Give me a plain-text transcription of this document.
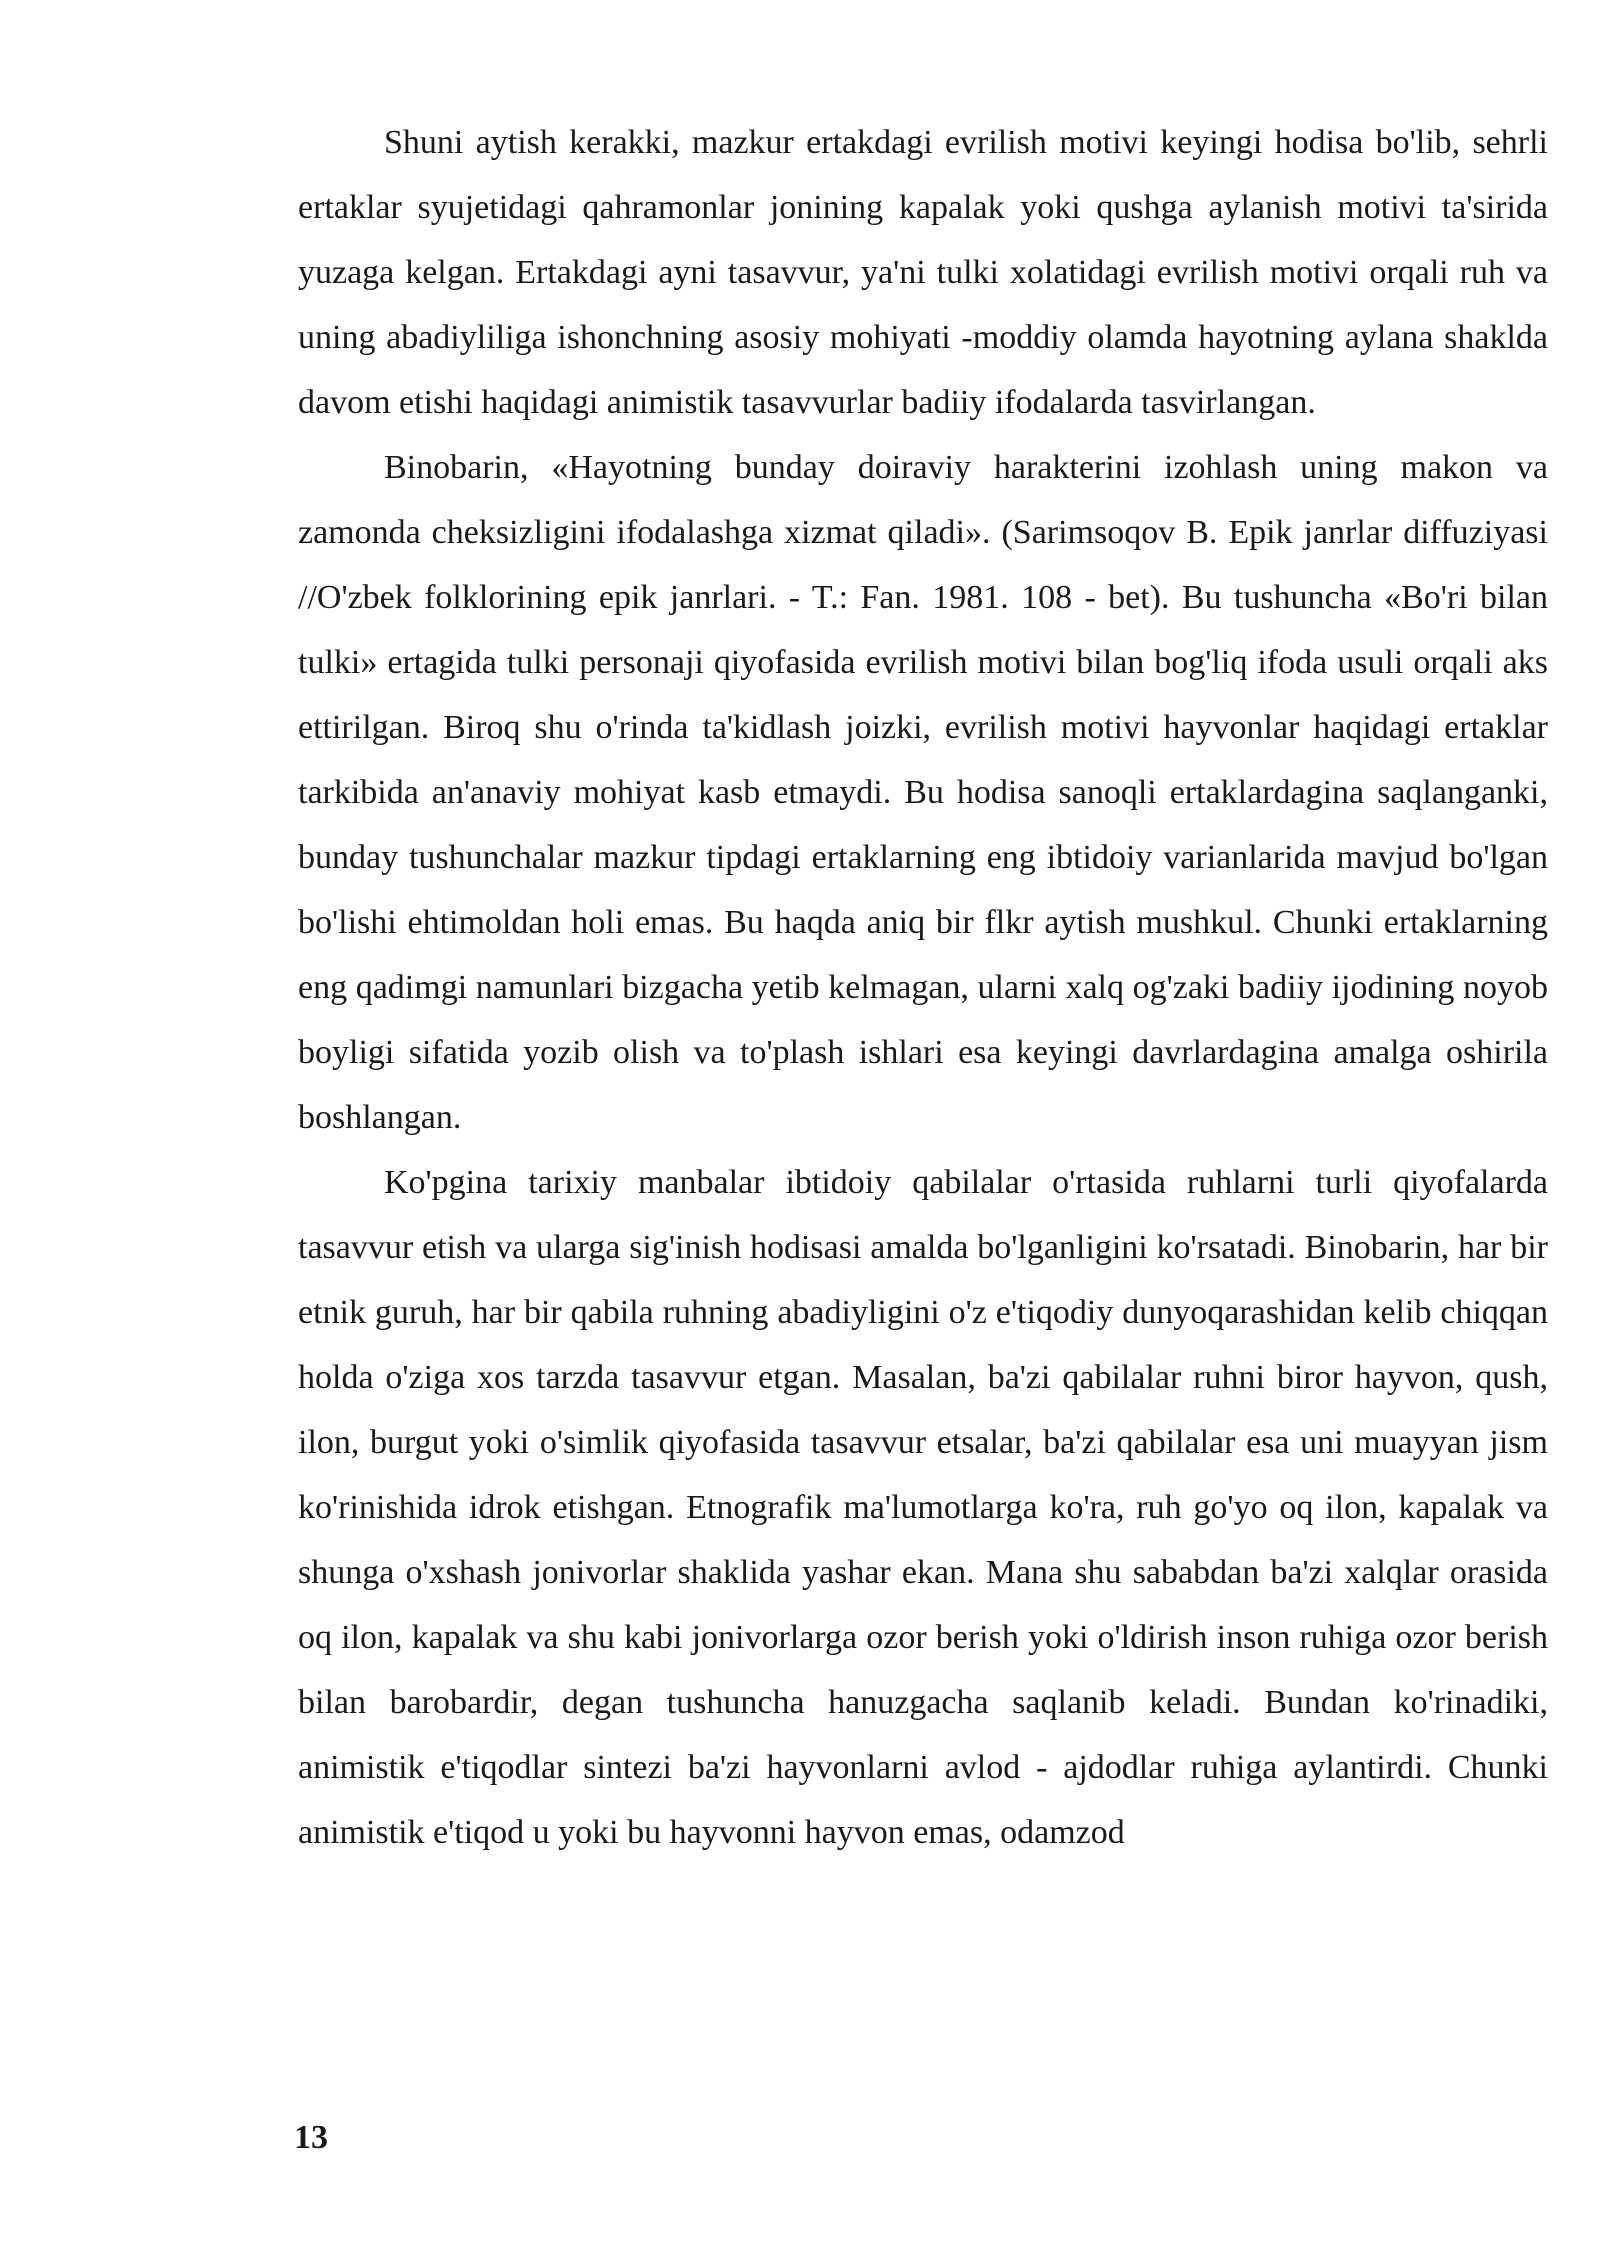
Shuni aytish kerakki, mazkur ertakdagi evrilish motivi keyingi hodisa bo'lib, sehrli ertaklar syujetidagi qahramonlar jonining kapalak yoki qushga aylanish motivi ta'sirida yuzaga kelgan. Ertakdagi ayni tasavvur, ya'ni tulki xolatidagi evrilish motivi orqali ruh va uning abadiyliliga ishonchning asosiy mohiyati -moddiy olamda hayotning aylana shaklda davom etishi haqidagi animistik tasavvurlar badiiy ifodalarda tasvirlangan.

Binobarin, «Hayotning bunday doiraviy harakterini izohlash uning makon va zamonda cheksizligini ifodalashga xizmat qiladi». (Sarimsoqov B. Epik janrlar diffuziyasi //O'zbek folklorining epik janrlari. - T.: Fan. 1981. 108 - bet). Bu tushuncha «Bo'ri bilan tulki» ertagida tulki personaji qiyofasida evrilish motivi bilan bog'liq ifoda usuli orqali aks ettirilgan. Biroq shu o'rinda ta'kidlash joizki, evrilish motivi hayvonlar haqidagi ertaklar tarkibida an'anaviy mohiyat kasb etmaydi. Bu hodisa sanoqli ertaklardagina saqlanganki, bunday tushunchalar mazkur tipdagi ertaklarning eng ibtidoiy varianlarida mavjud bo'lgan bo'lishi ehtimoldan holi emas. Bu haqda aniq bir flkr aytish mushkul. Chunki ertaklarning eng qadimgi namunlari bizgacha yetib kelmagan, ularni xalq og'zaki badiiy ijodining noyob boyligi sifatida yozib olish va to'plash ishlari esa keyingi davrlardagina amalga oshirila boshlangan.

Ko'pgina tarixiy manbalar ibtidoiy qabilalar o'rtasida ruhlarni turli qiyofalarda tasavvur etish va ularga sig'inish hodisasi amalda bo'lganligini ko'rsatadi. Binobarin, har bir etnik guruh, har bir qabila ruhning abadiyligini o'z e'tiqodiy dunyoqarashidan kelib chiqqan holda o'ziga xos tarzda tasavvur etgan. Masalan, ba'zi qabilalar ruhni biror hayvon, qush, ilon, burgut yoki o'simlik qiyofasida tasavvur etsalar, ba'zi qabilalar esa uni muayyan jism ko'rinishida idrok etishgan. Etnografik ma'lumotlarga ko'ra, ruh go'yo oq ilon, kapalak va shunga o'xshash jonivorlar shaklida yashar ekan. Mana shu sababdan ba'zi xalqlar orasida oq ilon, kapalak va shu kabi jonivorlarga ozor berish yoki o'ldirish inson ruhiga ozor berish bilan barobardir, degan tushuncha hanuzgacha saqlanib keladi. Bundan ko'rinadiki, animistik e'tiqodlar sintezi ba'zi hayvonlarni avlod - ajdodlar ruhiga aylantirdi. Chunki animistik e'tiqod u yoki bu hayvonni hayvon emas, odamzod

13
